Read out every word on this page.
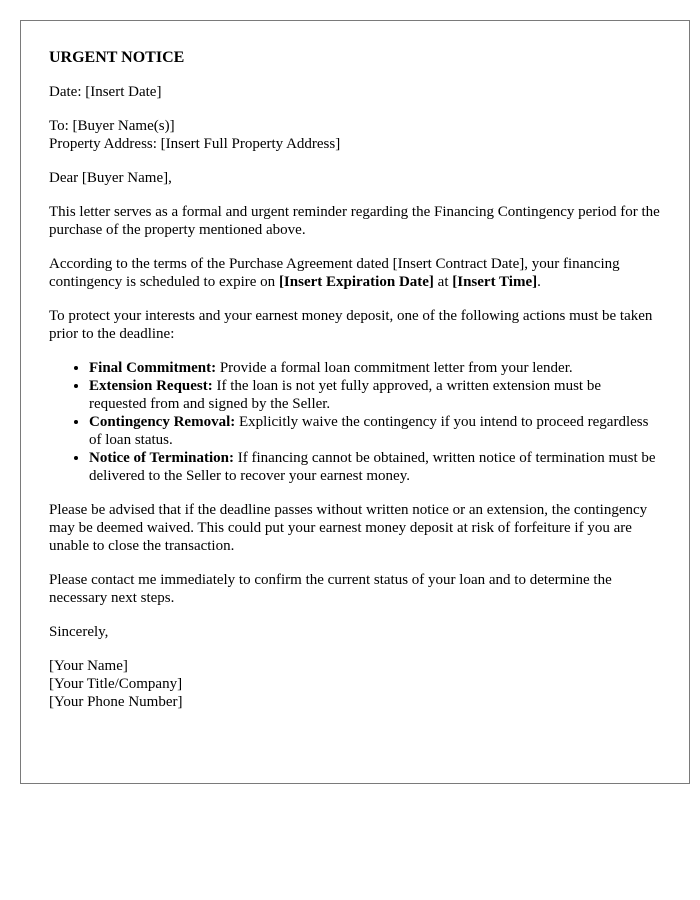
URGENT NOTICE

Date: [Insert Date]

To: [Buyer Name(s)]
Property Address: [Insert Full Property Address]

Dear [Buyer Name],

This letter serves as a formal and urgent reminder regarding the Financing Contingency period for the purchase of the property mentioned above.

According to the terms of the Purchase Agreement dated [Insert Contract Date], your financing contingency is scheduled to expire on [Insert Expiration Date] at [Insert Time].

To protect your interests and your earnest money deposit, one of the following actions must be taken prior to the deadline:

• Final Commitment: Provide a formal loan commitment letter from your lender.
• Extension Request: If the loan is not yet fully approved, a written extension must be requested from and signed by the Seller.
• Contingency Removal: Explicitly waive the contingency if you intend to proceed regardless of loan status.
• Notice of Termination: If financing cannot be obtained, written notice of termination must be delivered to the Seller to recover your earnest money.

Please be advised that if the deadline passes without written notice or an extension, the contingency may be deemed waived. This could put your earnest money deposit at risk of forfeiture if you are unable to close the transaction.

Please contact me immediately to confirm the current status of your loan and to determine the necessary next steps.

Sincerely,

[Your Name]
[Your Title/Company]
[Your Phone Number]
